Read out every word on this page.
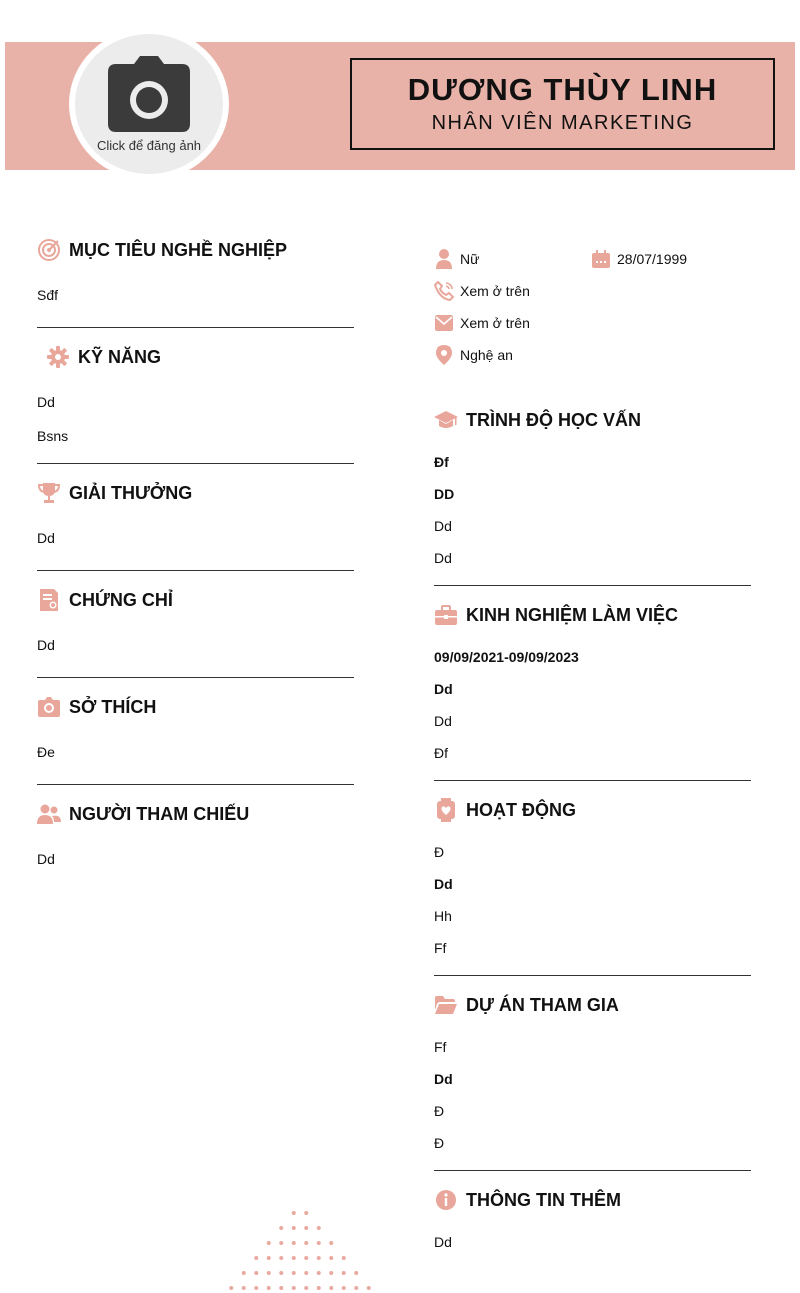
Click để đăng ảnh
DƯƠNG THÙY LINH
NHÂN VIÊN MARKETING
Nữ	28/07/1999
Xem ở trên
Xem ở trên
Nghệ an
MỤC TIÊU NGHỀ NGHIỆP
Sđf
KỸ NĂNG
Dd
Bsns
GIẢI THƯỞNG
Dd
CHỨNG CHỈ
Dd
SỞ THÍCH
Đe
NGƯỜI THAM CHIẾU
Dd
TRÌNH ĐỘ HỌC VẤN
Đf
DD
Dd
Dd
KINH NGHIỆM LÀM VIỆC
09/09/2021-09/09/2023
Dd
Dd
Đf
HOẠT ĐỘNG
Đ
Dd
Hh
Ff
DỰ ÁN THAM GIA
Ff
Dd
Đ
Đ
THÔNG TIN THÊM
Dd
